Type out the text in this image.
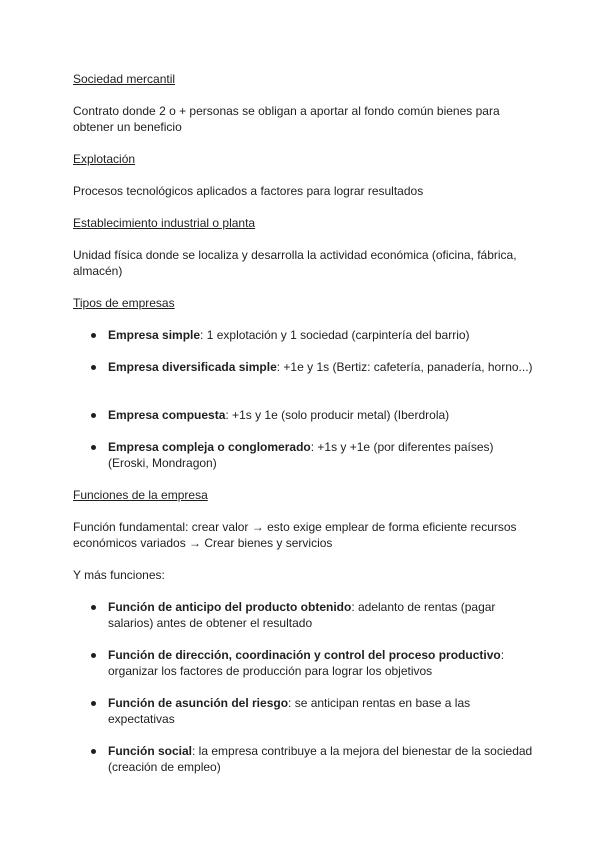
Sociedad mercantil

Contrato donde 2 o + personas se obligan a aportar al fondo común bienes para obtener un beneficio

Explotación

Procesos tecnológicos aplicados a factores para lograr resultados

Establecimiento industrial o planta

Unidad física donde se localiza y desarrolla la actividad económica (oficina, fábrica, almacén)

Tipos de empresas

Empresa simple: 1 explotación y 1 sociedad (carpintería del barrio)
Empresa diversificada simple: +1e y 1s (Bertiz: cafetería, panadería, horno...)
Empresa compuesta: +1s y 1e (solo producir metal) (Iberdrola)
Empresa compleja o conglomerado: +1s y +1e (por diferentes países) (Eroski, Mondragon)

Funciones de la empresa

Función fundamental: crear valor → esto exige emplear de forma eficiente recursos económicos variados → Crear bienes y servicios

Y más funciones:

Función de anticipo del producto obtenido: adelanto de rentas (pagar salarios) antes de obtener el resultado
Función de dirección, coordinación y control del proceso productivo: organizar los factores de producción para lograr los objetivos
Función de asunción del riesgo: se anticipan rentas en base a las expectativas
Función social: la empresa contribuye a la mejora del bienestar de la sociedad (creación de empleo)
